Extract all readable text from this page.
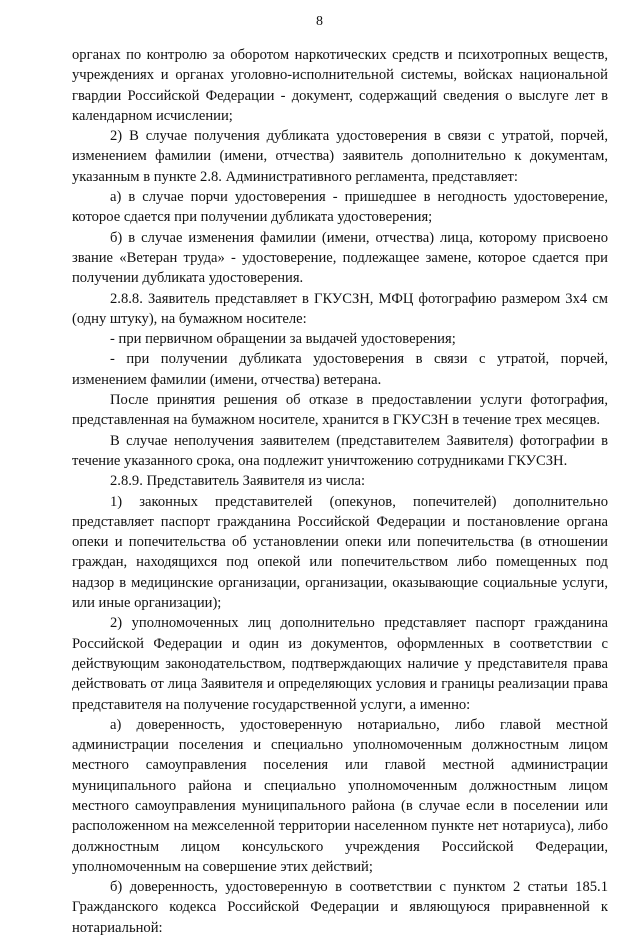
8

органах по контролю за оборотом наркотических средств и психотропных веществ, учреждениях и органах уголовно-исполнительной системы, войсках национальной гвардии Российской Федерации - документ, содержащий сведения о выслуге лет в календарном исчислении;

2) В случае получения дубликата удостоверения в связи с утратой, порчей, изменением фамилии (имени, отчества) заявитель дополнительно к документам, указанным в пункте 2.8. Административного регламента, представляет:

а) в случае порчи удостоверения - пришедшее в негодность удостоверение, которое сдается при получении дубликата удостоверения;

б) в случае изменения фамилии (имени, отчества) лица, которому присвоено звание «Ветеран труда» - удостоверение, подлежащее замене, которое сдается при получении дубликата удостоверения.

2.8.8. Заявитель представляет в ГКУСЗН, МФЦ фотографию размером 3х4 см (одну штуку), на бумажном носителе:

- при первичном обращении за выдачей удостоверения;

- при получении дубликата удостоверения в связи с утратой, порчей, изменением фамилии (имени, отчества) ветерана.

После принятия решения об отказе в предоставлении услуги фотография, представленная на бумажном носителе, хранится в ГКУСЗН в течение трех месяцев.

В случае неполучения заявителем (представителем Заявителя) фотографии в течение указанного срока, она подлежит уничтожению сотрудниками ГКУСЗН.

2.8.9. Представитель Заявителя из числа:

1) законных представителей (опекунов, попечителей) дополнительно представляет паспорт гражданина Российской Федерации и постановление органа опеки и попечительства об установлении опеки или попечительства (в отношении граждан, находящихся под опекой или попечительством либо помещенных под надзор в медицинские организации, организации, оказывающие социальные услуги, или иные организации);

2) уполномоченных лиц дополнительно представляет паспорт гражданина Российской Федерации и один из документов, оформленных в соответствии с действующим законодательством, подтверждающих наличие у представителя права действовать от лица Заявителя и определяющих условия и границы реализации права представителя на получение государственной услуги, а именно:

а) доверенность, удостоверенную нотариально, либо главой местной администрации поселения и специально уполномоченным должностным лицом местного самоуправления поселения или главой местной администрации муниципального района и специально уполномоченным должностным лицом местного самоуправления муниципального района (в случае если в поселении или расположенном на межселенной территории населенном пункте нет нотариуса), либо должностным лицом консульского учреждения Российской Федерации, уполномоченным на совершение этих действий;

б) доверенность, удостоверенную в соответствии с пунктом 2 статьи 185.1 Гражданского кодекса Российской Федерации и являющуюся приравненной к нотариальной:
